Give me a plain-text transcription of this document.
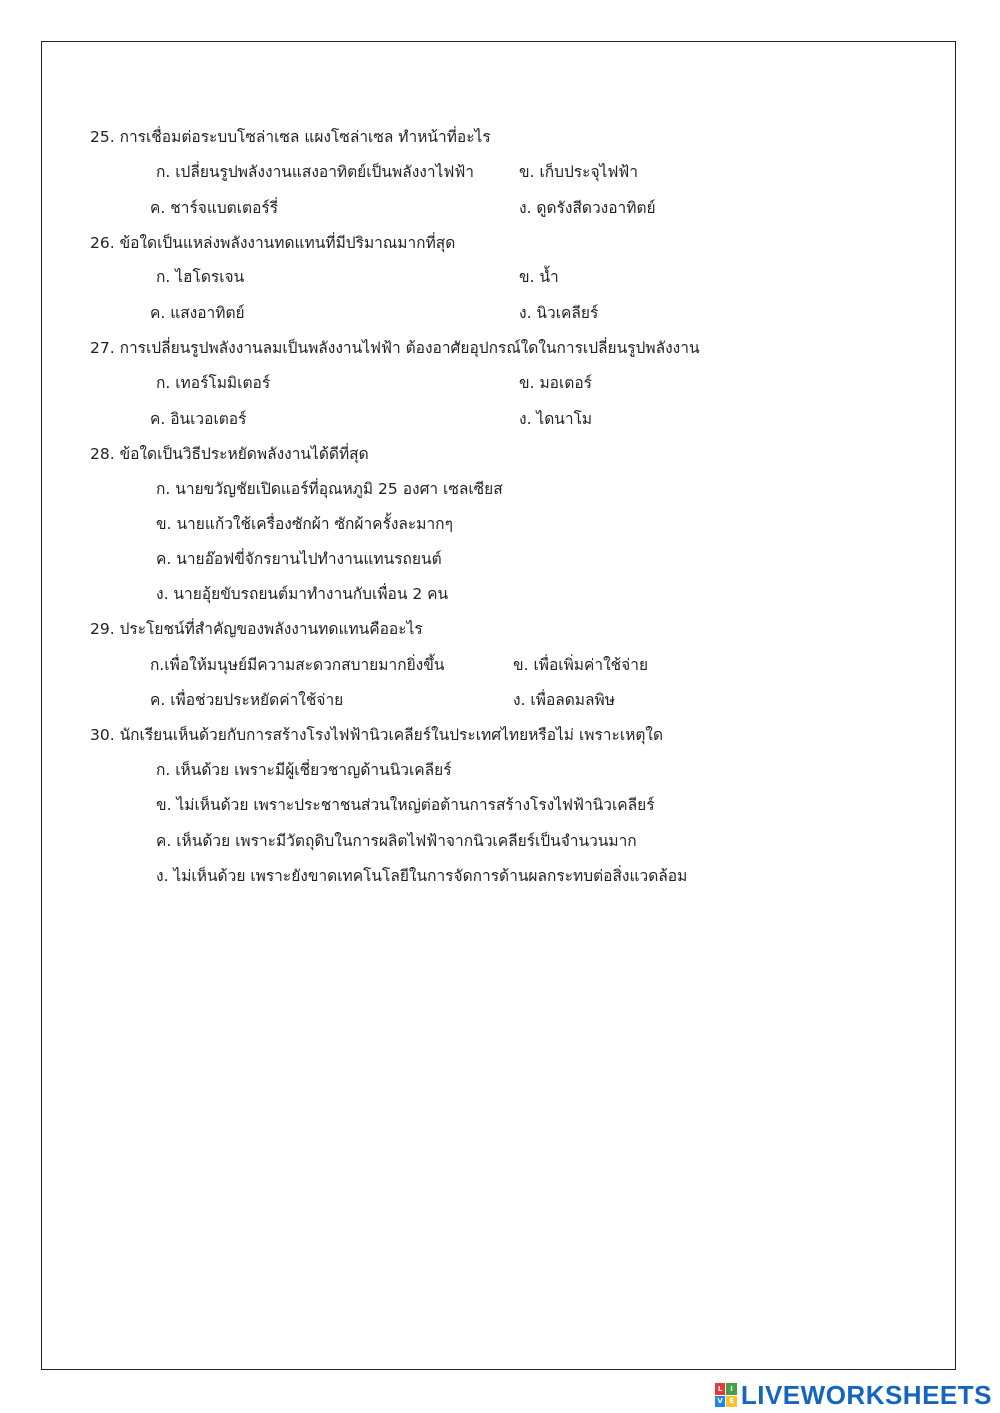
25. การเชื่อมต่อระบบโซล่าเซล แผงโซล่าเซล ทำหน้าที่อะไร
ก. เปลี่ยนรูปพลังงานแสงอาทิตย์เป็นพลังงาไฟฟ้า	ข. เก็บประจุไฟฟ้า
ค. ชาร์จแบตเตอร์รี่	ง. ดูดรังสีดวงอาทิตย์
26. ข้อใดเป็นแหล่งพลังงานทดแทนที่มีปริมาณมากที่สุด
ก. ไฮโดรเจน	ข. น้ำ
ค. แสงอาทิตย์	ง. นิวเคลียร์
27. การเปลี่ยนรูปพลังงานลมเป็นพลังงานไฟฟ้า ต้องอาศัยอุปกรณ์ใดในการเปลี่ยนรูปพลังงาน
ก. เทอร์โมมิเตอร์	ข. มอเตอร์
ค. อินเวอเตอร์	ง. ไดนาโม
28. ข้อใดเป็นวิธีประหยัดพลังงานได้ดีที่สุด
ก. นายขวัญชัยเปิดแอร์ที่อุณหภูมิ 25 องศา เซลเซียส
ข. นายแก้วใช้เครื่องซักผ้า ซักผ้าครั้งละมากๆ
ค. นายอ๊อฟขี่จักรยานไปทำงานแทนรถยนต์
ง. นายอุ้ยขับรถยนต์มาทำงานกับเพื่อน 2 คน
29. ประโยชน์ที่สำคัญของพลังงานทดแทนคืออะไร
ก.เพื่อให้มนุษย์มีความสะดวกสบายมากยิ่งขึ้น	ข. เพื่อเพิ่มค่าใช้จ่าย
ค. เพื่อช่วยประหยัดค่าใช้จ่าย	ง. เพื่อลดมลพิษ
30. นักเรียนเห็นด้วยกับการสร้างโรงไฟฟ้านิวเคลียร์ในประเทศไทยหรือไม่ เพราะเหตุใด
ก. เห็นด้วย เพราะมีผู้เชี่ยวชาญด้านนิวเคลียร์
ข. ไม่เห็นด้วย เพราะประชาชนส่วนใหญ่ต่อต้านการสร้างโรงไฟฟ้านิวเคลียร์
ค. เห็นด้วย เพราะมีวัตถุดิบในการผลิตไฟฟ้าจากนิวเคลียร์เป็นจำนวนมาก
ง. ไม่เห็นด้วย เพราะยังขาดเทคโนโลยีในการจัดการด้านผลกระทบต่อสิ่งแวดล้อม
L	I
V E LIVEWORKSHEETS
